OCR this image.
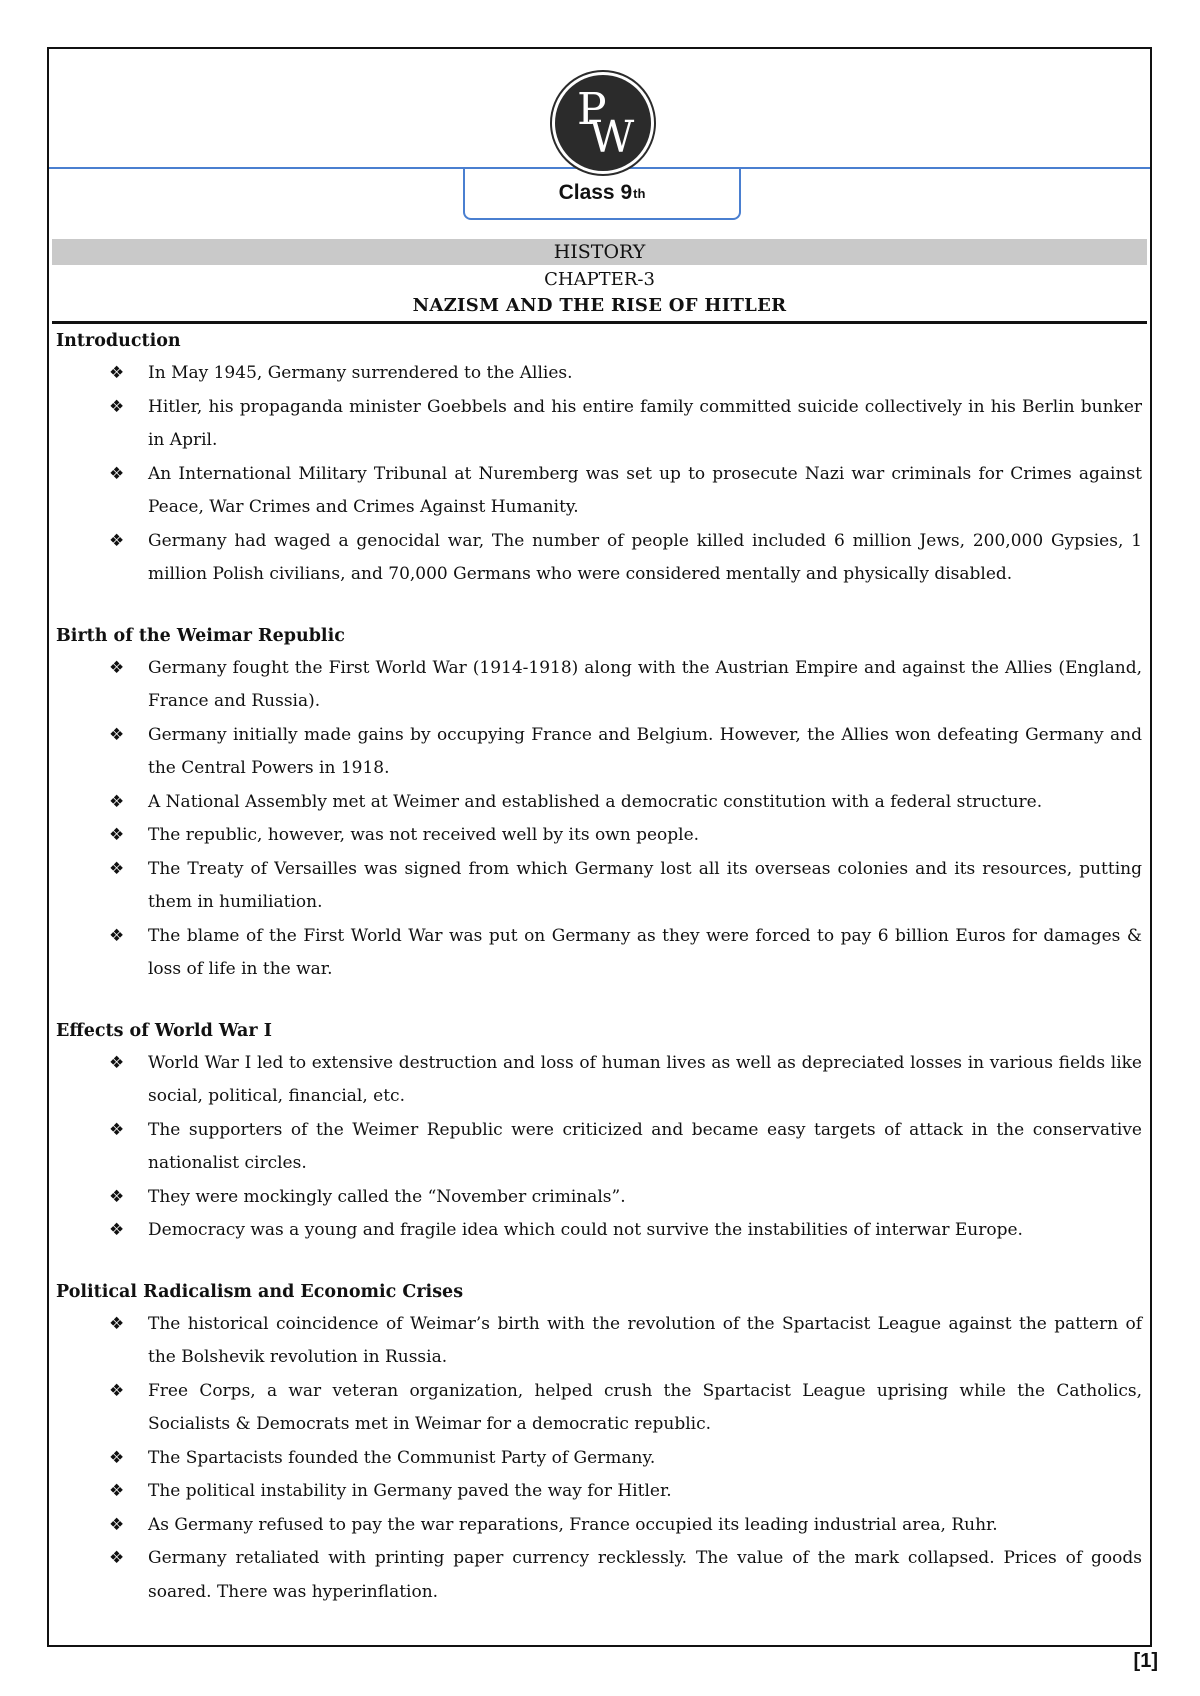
P
W
Class 9 th
HISTORY
CHAPTER-3
NAZISM AND THE RISE OF HITLER

Introduction

❖ In May 1945, Germany surrendered to the Allies.
❖ Hitler, his propaganda minister Goebbels and his entire family committed suicide collectively in his Berlin bunker in April.
❖ An International Military Tribunal at Nuremberg was set up to prosecute Nazi war criminals for Crimes against Peace, War Crimes and Crimes Against Humanity.
❖ Germany had waged a genocidal war, The number of people killed included 6 million Jews, 200,000 Gypsies, 1 million Polish civilians, and 70,000 Germans who were considered mentally and physically disabled.

Birth of the Weimar Republic

❖ Germany fought the First World War (1914-1918) along with the Austrian Empire and against the Allies (England, France and Russia).
❖ Germany initially made gains by occupying France and Belgium. However, the Allies won defeating Germany and the Central Powers in 1918.
❖ A National Assembly met at Weimer and established a democratic constitution with a federal structure.
❖ The republic, however, was not received well by its own people.
❖ The Treaty of Versailles was signed from which Germany lost all its overseas colonies and its resources, putting them in humiliation.
❖ The blame of the First World War was put on Germany as they were forced to pay 6 billion Euros for damages & loss of life in the war.

Effects of World War I

❖ World War I led to extensive destruction and loss of human lives as well as depreciated losses in various fields like social, political, financial, etc.
❖ The supporters of the Weimer Republic were criticized and became easy targets of attack in the conservative nationalist circles.
❖ They were mockingly called the “November criminals”.
❖ Democracy was a young and fragile idea which could not survive the instabilities of interwar Europe.

Political Radicalism and Economic Crises

❖ The historical coincidence of Weimar’s birth with the revolution of the Spartacist League against the pattern of the Bolshevik revolution in Russia.
❖ Free Corps, a war veteran organization, helped crush the Spartacist League uprising while the Catholics, Socialists & Democrats met in Weimar for a democratic republic.
❖ The Spartacists founded the Communist Party of Germany.
❖ The political instability in Germany paved the way for Hitler.
❖ As Germany refused to pay the war reparations, France occupied its leading industrial area, Ruhr.
❖ Germany retaliated with printing paper currency recklessly. The value of the mark collapsed. Prices of goods soared. There was hyperinflation.
[1]
